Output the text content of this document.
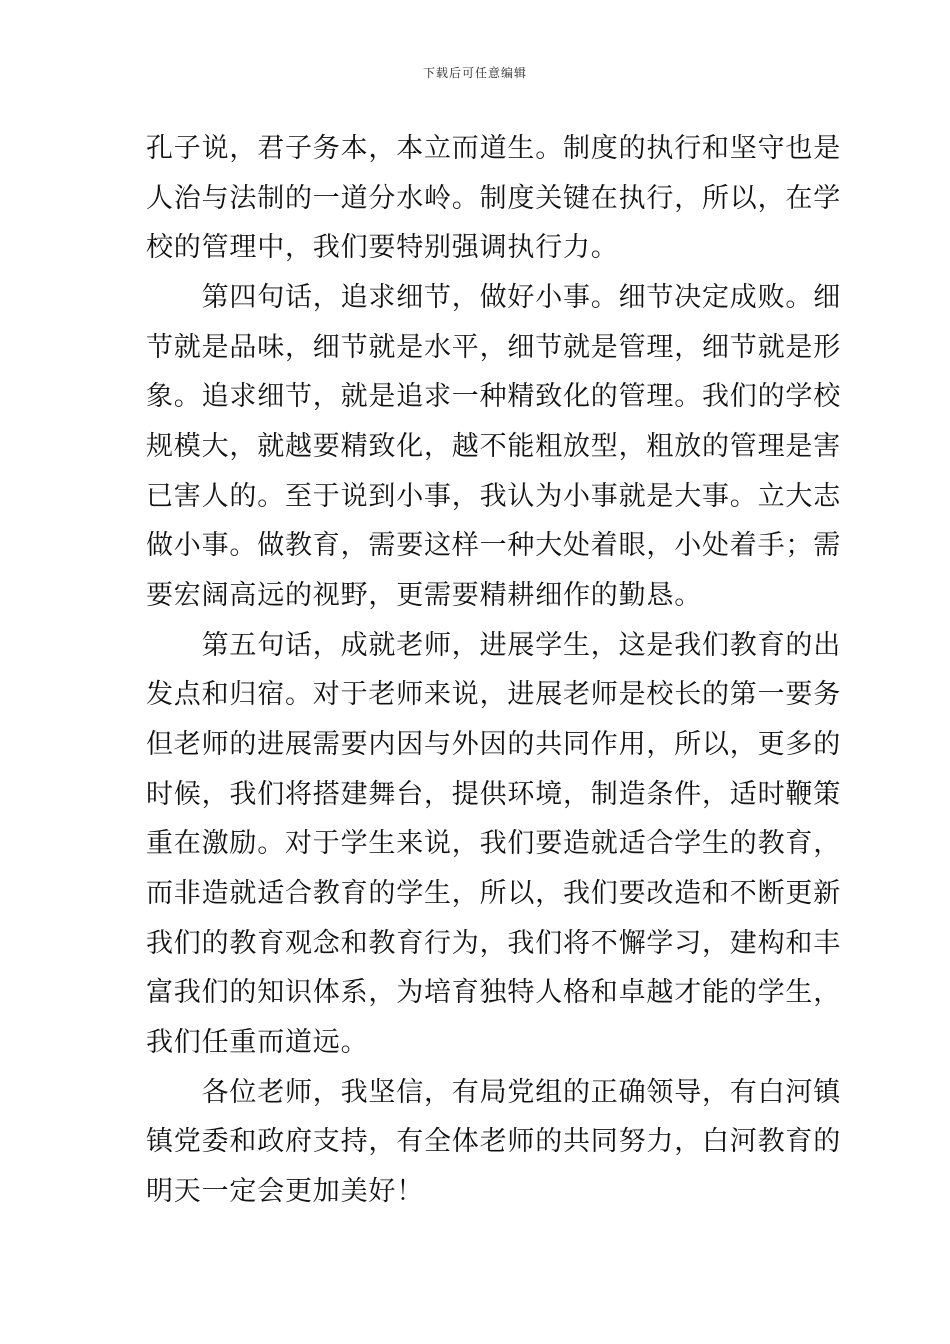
下载后可任意编辑
孔子说，君子务本，本立而道生。制度的执行和坚守也是
人治与法制的一道分水岭。制度关键在执行，所以，在学
校的管理中，我们要特别强调执行力。
　　第四句话，追求细节，做好小事。细节决定成败。细
节就是品味，细节就是水平，细节就是管理，细节就是形
象。追求细节，就是追求一种精致化的管理。我们的学校
规模大，就越要精致化，越不能粗放型，粗放的管理是害
已害人的。至于说到小事，我认为小事就是大事。立大志
做小事。做教育，需要这样一种大处着眼，小处着手；需
要宏阔高远的视野，更需要精耕细作的勤恳。
　　第五句话，成就老师，进展学生，这是我们教育的出
发点和归宿。对于老师来说，进展老师是校长的第一要务
但老师的进展需要内因与外因的共同作用，所以，更多的
时候，我们将搭建舞台，提供环境，制造条件，适时鞭策
重在激励。对于学生来说，我们要造就适合学生的教育，
而非造就适合教育的学生，所以，我们要改造和不断更新
我们的教育观念和教育行为，我们将不懈学习，建构和丰
富我们的知识体系，为培育独特人格和卓越才能的学生，
我们任重而道远。
　　各位老师，我坚信，有局党组的正确领导，有白河镇
镇党委和政府支持，有全体老师的共同努力，白河教育的
明天一定会更加美好！
